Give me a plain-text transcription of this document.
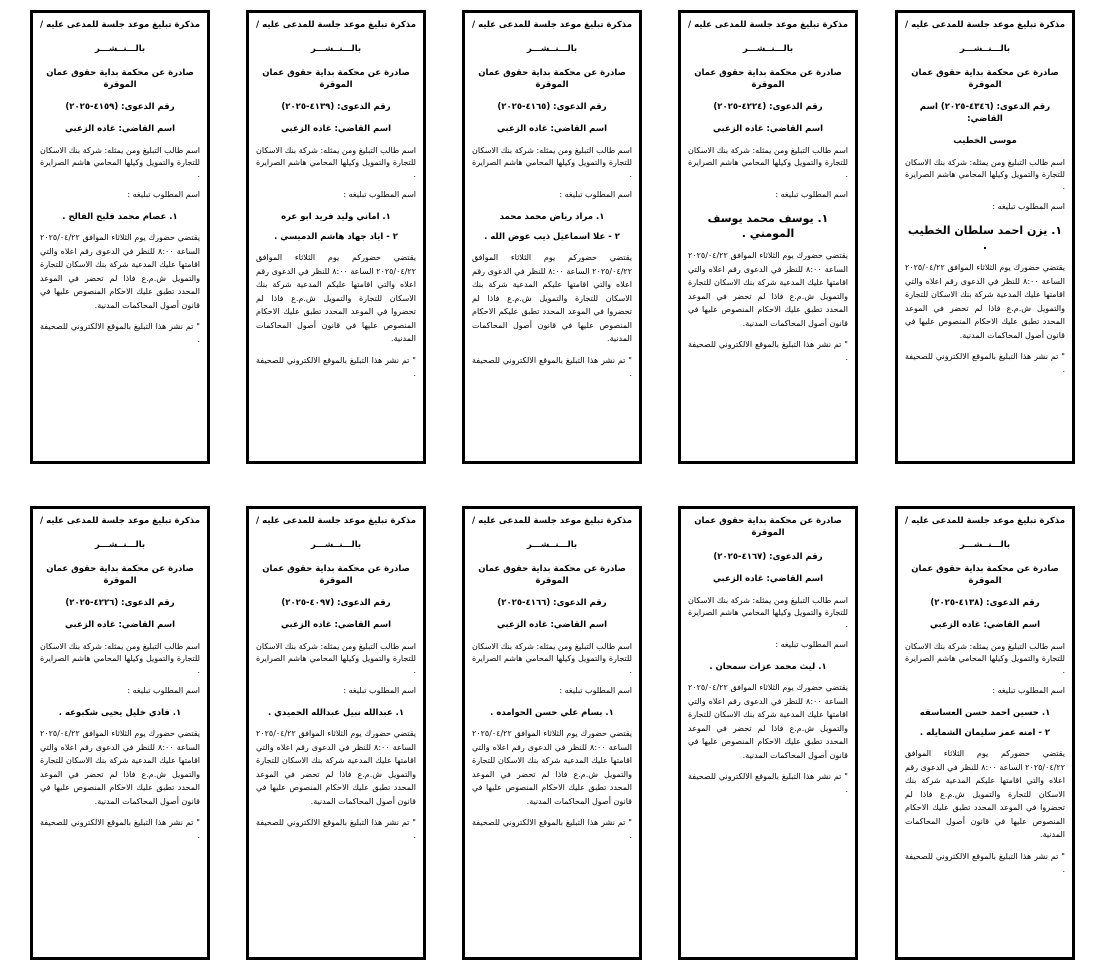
مذكرة تبليغ موعد جلسة للمدعى عليه /
بالـــنــشـــر
صادرة عن محكمة بداية حقوق عمان الموقرة
رقم الدعوى: (٤٣٤٦-٢٠٢٥) اسم القاضي:
موسى الخطيب
اسم طالب التبليغ ومن يمثله: شركة بنك الاسكان للتجارة والتمويل وكيلها المحامي هاشم الصرايرة .
اسم المطلوب تبليغه :
١. يزن احمد سلطان الخطيب .
يقتضي حضورك يوم الثلاثاء الموافق ٢٠٢٥/٠٤/٢٢ الساعة ٨:٠٠ للنظر في الدعوى رقم اعلاه والتي اقامتها عليك المدعية شركة بنك الاسكان للتجارة والتمويل ش.م.ع فاذا لم تحضر في الموعد المحدد تطبق عليك الاحكام المنصوص عليها في قانون أصول المحاكمات المدنية.
" تم نشر هذا التبليغ بالموقع الالكتروني للصحيفة .
مذكرة تبليغ موعد جلسة للمدعى عليه /
بالـــنــشـــر
صادرة عن محكمة بداية حقوق عمان الموقرة
رقم الدعوى: (٤٢٢٤-٢٠٢٥)
اسم القاضي: غاده الزعبي
اسم طالب التبليغ ومن يمثله: شركة بنك الاسكان للتجارة والتمويل وكيلها المحامي هاشم الصرايرة .
اسم المطلوب تبليغه :
١. يوسف محمد يوسف المومني .
يقتضي حضورك يوم الثلاثاء الموافق ٢٠٢٥/٠٤/٢٢ الساعة ٨:٠٠ للنظر في الدعوى رقم اعلاه والتي اقامتها عليك المدعية شركة بنك الاسكان للتجارة والتمويل ش.م.ع فاذا لم تحضر في الموعد المحدد تطبق عليك الاحكام المنصوص عليها في قانون أصول المحاكمات المدنية.
" تم نشر هذا التبليغ بالموقع الالكتروني للصحيفة .
مذكرة تبليغ موعد جلسة للمدعى عليه /
بالـــنــشـــر
صادرة عن محكمة بداية حقوق عمان الموقرة
رقم الدعوى: (٤١٦٥-٢٠٢٥)
اسم القاضي: غاده الزعبي
اسم طالب التبليغ ومن يمثله: شركة بنك الاسكان للتجارة والتمويل وكيلها المحامي هاشم الصرايرة .
اسم المطلوب تبليغه :
١. مراد رياض محمد محمد
٢ - علا اسماعيل ذيب عوض الله .
يقتضي حضوركم يوم الثلاثاء الموافق ٢٠٢٥/٠٤/٢٢ الساعة ٨:٠٠ للنظر في الدعوى رقم اعلاه والتي اقامتها عليكم المدعية شركة بنك الاسكان للتجارة والتمويل ش.م.ع فاذا لم تحضروا في الموعد المحدد تطبق عليكم الاحكام المنصوص عليها في قانون أصول المحاكمات المدنية.
" تم نشر هذا التبليغ بالموقع الالكتروني للصحيفة .
مذكرة تبليغ موعد جلسة للمدعى عليه /
بالـــنــشـــر
صادرة عن محكمة بداية حقوق عمان الموقرة
رقم الدعوى: (٤١٣٩-٢٠٢٥)
اسم القاضي: غاده الزعبي
اسم طالب التبليغ ومن يمثله: شركة بنك الاسكان للتجارة والتمويل وكيلها المحامي هاشم الصرايرة .
اسم المطلوب تبليغه :
١. اماني وليد فريد ابو عره
٢ - اياد جهاد هاشم الدميسي .
يقتضي حضوركم يوم الثلاثاء الموافق ٢٠٢٥/٠٤/٢٢ الساعة ٨:٠٠ للنظر في الدعوى رقم اعلاه والتي اقامتها عليكم المدعية شركة بنك الاسكان للتجارة والتمويل ش.م.ع فاذا لم تحضروا في الموعد المحدد تطبق عليك الاحكام المنصوص عليها في قانون أصول المحاكمات المدنية.
" تم نشر هذا التبليغ بالموقع الالكتروني للصحيفة .
مذكرة تبليغ موعد جلسة للمدعى عليه /
بالـــنــشـــر
صادرة عن محكمة بداية حقوق عمان الموقرة
رقم الدعوى: (٤١٥٩-٢٠٢٥)
اسم القاضي: غاده الزعبي
اسم طالب التبليغ ومن يمثله: شركة بنك الاسكان للتجارة والتمويل وكيلها المحامي هاشم الصرايرة .
اسم المطلوب تبليغه :
١. عصام محمد فليح الفالح .
يقتضي حضورك يوم الثلاثاء الموافق ٢٠٢٥/٠٤/٢٢ الساعة ٨:٠٠ للنظر في الدعوى رقم اعلاه والتي اقامتها عليك المدعية شركة بنك الاسكان للتجارة والتمويل ش.م.ع فاذا لم تحضر في الموعد المحدد تطبق عليك الاحكام المنصوص عليها في قانون أصول المحاكمات المدنية.
" تم نشر هذا التبليغ بالموقع الالكتروني للصحيفة .
مذكرة تبليغ موعد جلسة للمدعى عليه /
بالـــنــشـــر
صادرة عن محكمة بداية حقوق عمان الموقرة
رقم الدعوى: (٤١٣٨-٢٠٢٥)
اسم القاضي: غاده الزعبي
اسم طالب التبليغ ومن يمثله: شركة بنك الاسكان للتجارة والتمويل وكيلها المحامي هاشم الصرايرة .
اسم المطلوب تبليغه :
١. حسين احمد حسن العساسفه
٢ - امنه عمر سليمان الشمايله .
يقتضي حضوركم يوم الثلاثاء الموافق ٢٠٢٥/٠٤/٢٢ الساعة ٨:٠٠ للنظر في الدعوى رقم اعلاه والتي اقامتها عليكم المدعية شركة بنك الاسكان للتجارة والتمويل ش.م.ع فاذا لم تحضروا في الموعد المحدد تطبق عليك الاحكام المنصوص عليها في قانون أصول المحاكمات المدنية.
" تم نشر هذا التبليغ بالموقع الالكتروني للصحيفة .
صادرة عن محكمة بداية حقوق عمان الموقرة
رقم الدعوى: (٤١٦٧-٢٠٢٥)
اسم القاضي: غاده الزعبي
اسم طالب التبليغ ومن يمثله: شركة بنك الاسكان للتجارة والتمويل وكيلها المحامي هاشم الصرايرة .
اسم المطلوب تبليغه :
١. ليث محمد عزات سمحان .
يقتضي حضورك يوم الثلاثاء الموافق ٢٠٢٥/٠٤/٢٢ الساعة ٨:٠٠ للنظر في الدعوى رقم اعلاه والتي اقامتها عليك المدعية شركة بنك الاسكان للتجارة والتمويل ش.م.ع فاذا لم تحضر في الموعد المحدد تطبق عليك الاحكام المنصوص عليها في قانون أصول المحاكمات المدنية.
" تم نشر هذا التبليغ بالموقع الالكتروني للصحيفة .
مذكرة تبليغ موعد جلسة للمدعى عليه /
بالـــنــشـــر
صادرة عن محكمة بداية حقوق عمان الموقرة
رقم الدعوى: (٤١٦٦-٢٠٢٥)
اسم القاضي: غاده الزعبي
اسم طالب التبليغ ومن يمثله: شركة بنك الاسكان للتجارة والتمويل وكيلها المحامي هاشم الصرايرة .
اسم المطلوب تبليغه :
١. بسام علي حسن الحوامده .
يقتضي حضورك يوم الثلاثاء الموافق ٢٠٢٥/٠٤/٢٢ الساعة ٨:٠٠ للنظر في الدعوى رقم اعلاه والتي اقامتها عليك المدعية شركة بنك الاسكان للتجارة والتمويل ش.م.ع فاذا لم تحضر في الموعد المحدد تطبق عليك الاحكام المنصوص عليها في قانون أصول المحاكمات المدنية.
" تم نشر هذا التبليغ بالموقع الالكتروني للصحيفة .
مذكرة تبليغ موعد جلسة للمدعى عليه /
بالـــنــشـــر
صادرة عن محكمة بداية حقوق عمان الموقرة
رقم الدعوى: (٤٠٩٧-٢٠٢٥)
اسم القاضي: غاده الزعبي
اسم طالب التبليغ ومن يمثله: شركة بنك الاسكان للتجارة والتمويل وكيلها المحامي هاشم الصرايرة .
اسم المطلوب تبليغه :
١. عبدالله نبيل عبدالله الحميدي .
يقتضي حضورك يوم الثلاثاء الموافق ٢٠٢٥/٠٤/٢٢ الساعة ٨:٠٠ للنظر في الدعوى رقم اعلاه والتي اقامتها عليك المدعية شركة بنك الاسكان للتجارة والتمويل ش.م.ع فاذا لم تحضر في الموعد المحدد تطبق عليك الاحكام المنصوص عليها في قانون أصول المحاكمات المدنية.
" تم نشر هذا التبليغ بالموقع الالكتروني للصحيفة .
مذكرة تبليغ موعد جلسة للمدعى عليه /
بالـــنــشـــر
صادرة عن محكمة بداية حقوق عمان الموقرة
رقم الدعوى: (٤٢٢٦-٢٠٢٥)
اسم القاضي: غاده الزعبي
اسم طالب التبليغ ومن يمثله: شركة بنك الاسكان للتجارة والتمويل وكيلها المحامي هاشم الصرايرة .
اسم المطلوب تبليغه :
١. فادي خليل يحيى شكبوعه .
يقتضي حضورك يوم الثلاثاء الموافق ٢٠٢٥/٠٤/٢٢ الساعة ٨:٠٠ للنظر في الدعوى رقم اعلاه والتي اقامتها عليك المدعية شركة بنك الاسكان للتجارة والتمويل ش.م.ع فاذا لم تحضر في الموعد المحدد تطبق عليك الاحكام المنصوص عليها في قانون أصول المحاكمات المدنية.
" تم نشر هذا التبليغ بالموقع الالكتروني للصحيفة .
